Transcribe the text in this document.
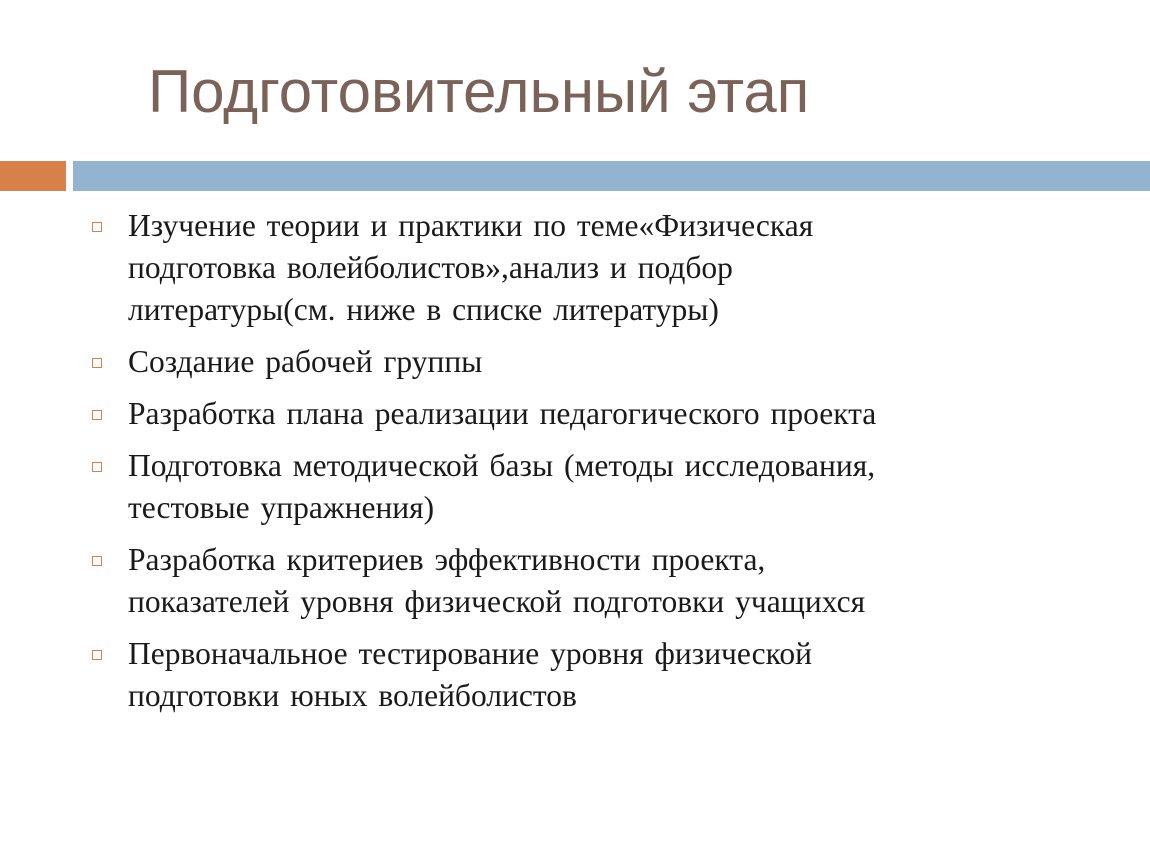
Подготовительный этап
Изучение теории и практики по теме«Физическая
подготовка волейболистов»,анализ и подбор
литературы(см. ниже в списке литературы)
Создание рабочей группы
Разработка плана реализации педагогического проекта
Подготовка методической базы (методы исследования,
тестовые упражнения)
Разработка критериев эффективности проекта,
показателей уровня физической подготовки учащихся
Первоначальное тестирование уровня физической
подготовки юных волейболистов
